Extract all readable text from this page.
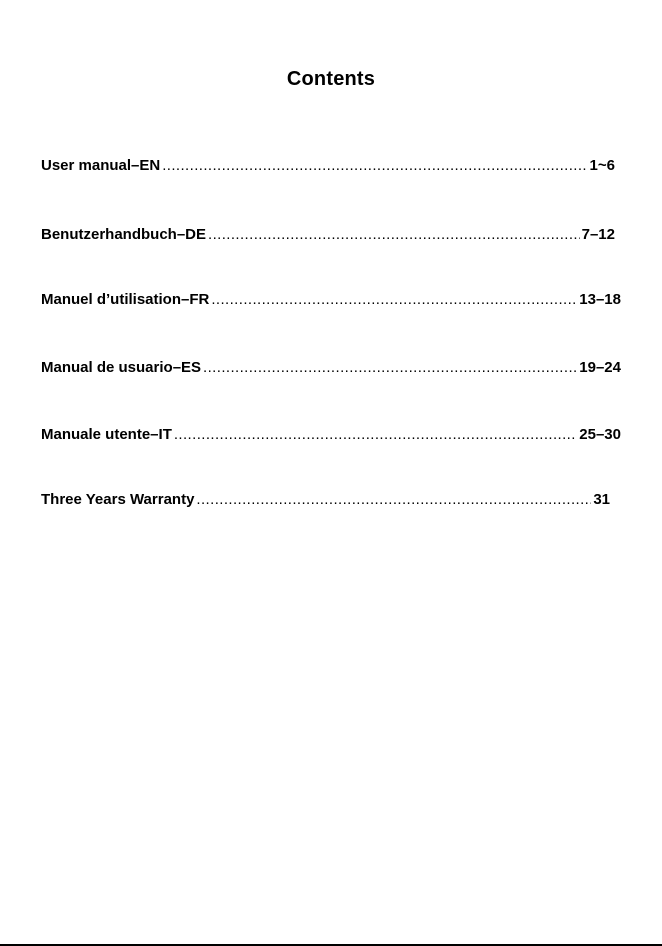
Contents
User manual–EN .....	1~6
Benutzerhandbuch–DE .....	7–12
Manuel d’utilisation–FR .....	13–18
Manual de usuario–ES .....	19–24
Manuale utente–IT .....	25–30
Three Years Warranty .....	31
